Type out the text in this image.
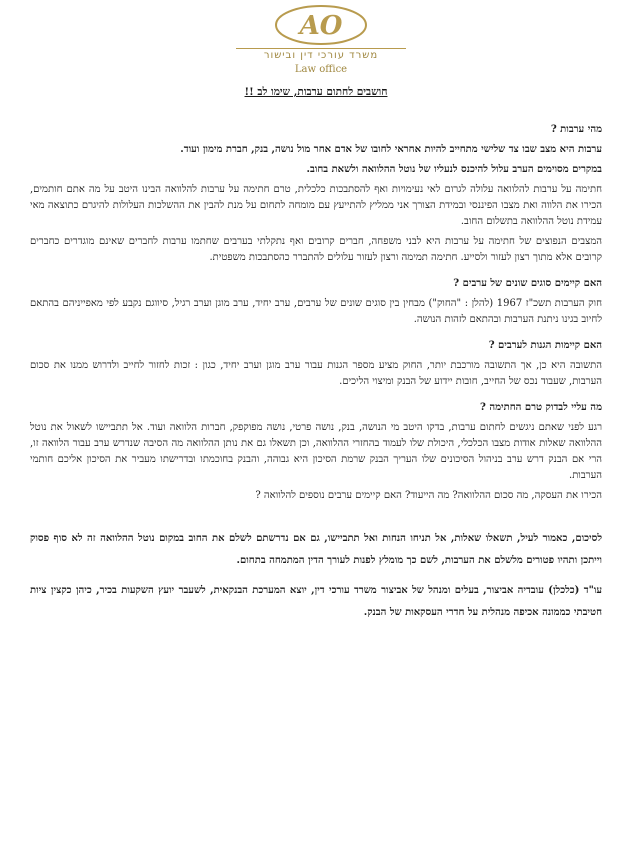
AO
משרד עורכי דין ובישור
Law office
חושבים לחתום ערבות, שימו לב !!
מהי ערבות ?

ערבות היא מצב שבו צד שלישי מתחייב להיות אחראי לחובו של אדם אחר מול נושה, בנק, חברת מימון ועוד.

במקרים מסוימים הערב עלול להיכנס לנעליו של נוטל ההלוואה ולשאת בחוב.

חתימה על ערבות להלוואה עלולה לגרום לאי נעימויות ואף להסתבכות כלכלית, טרם חתימה על ערבות להלוואה הבינו היטב על מה אתם חותמים, הכירו את הלווה ואת מצבו הפיננסי ובמידת הצורך אני ממליץ להתייעץ עם מומחה לתחום על מנת להבין את ההשלכות העלולות להיגרם כתוצאה מאי עמידת נוטל ההלוואה בתשלום החוב.

המצבים הנפוצים של חתימה על ערבות היא לבני משפחה, חברים קרובים ואף נתקלתי בערבים שחתמו ערבות לחברים שאינם מוגדרים כחברים קרובים אלא מתוך רצון לעזור ולסייע. חתימה תמימה ורצון לעזור עלולים להתברר כהסתבכות משפטית.

האם קיימים סוגים שונים של ערבים ?

חוק הערבות תשכ"ז 1967 (להלן : "החוק") מבחין בין סוגים שונים של ערבים, ערב יחיד, ערב מוגן וערב רגיל, סיווגם נקבע לפי מאפייניהם בהתאם לחיוב בגינו ניתנת הערבות ובהתאם לזהות הנושה.

האם קיימות הגנות לערבים ?

התשובה היא כן, אך התשובה מורכבת יותר, החוק מציע מספר הגנות עבור ערב מוגן וערב יחיד, כגון : זכות לחזור לחייב ולדרוש ממנו את סכום הערבות, שעבוד נכס של החייב, חובות יידוע של הבנק ומיצוי הליכים.

מה עליי לבדוק טרם החתימה ?

רגע לפני שאתם ניגשים לחתום ערבות, בדקו היטב מי הנושה, בנק, נושה פרטי, נושה מפוקפק, חברות הלוואה ועוד. אל תתביישו לשאול את נוטל ההלוואה שאלות אודות מצבו הכלכלי, היכולת שלו לעמוד בהחזרי ההלוואה, וכן תשאלו גם את נותן ההלוואה מה הסיבה שנדרש ערב עבור הלוואה זו, הרי אם הבנק דרש ערב בניהול הסיכונים שלו העריך הבנק שרמת הסיכון היא גבוהה, והבנק בחוכמתו ובדרישתו מעביר את הסיכון אליכם חותמי הערבות.

הכירו את העסקה, מה סכום ההלוואה? מה הייעוד? האם קיימים ערבים נוספים להלוואה ?

לסיכום, כאמור לעיל, תשאלו שאלות, אל תניחו הנחות ואל תתביישו, גם אם נדרשתם לשלם את החוב במקום נוטל ההלוואה זה לא סוף פסוק וייתכן ותהיו פטורים מלשלם את הערבות, לשם כך מומלץ לפנות לעורך הדין המתמחה בתחום.

עו"ד (כלכלן) עובדיה אביצור, בעלים ומנהל של אביצור משרד עורכי דין, יוצא המערכת הבנקאית, לשעבר יועץ השקעות בכיר, כיהן כקצין ציות חטיבתי כממונה אכיפה מנהלית על חדרי העסקאות של הבנק.
